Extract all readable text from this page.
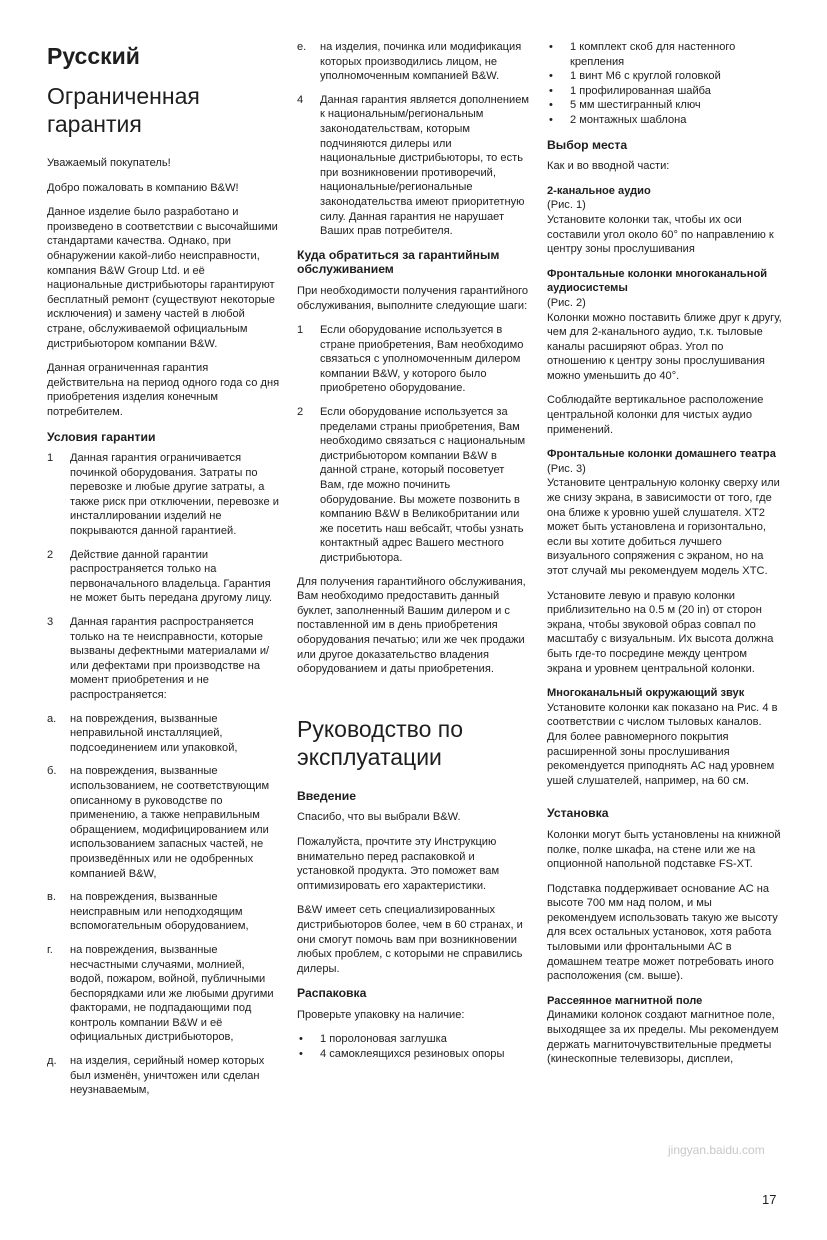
Русский
Ограниченная гарантия

Уважаемый покупатель!

Добро пожаловать в компанию B&W!

Данное изделие было разработано и произведено в соответствии с высочайшими стандартами качества. Однако, при обнаружении какой-либо неисправности, компания B&W Group Ltd. и её национальные дистрибьюторы гарантируют бесплатный ремонт (существуют некоторые исключения) и замену частей в любой стране, обслуживаемой официальным дистрибьютором компании B&W.

Данная ограниченная гарантия действительна на период одного года со дня приобретения изделия конечным потребителем.

Условия гарантии
1 Данная гарантия ограничивается починкой оборудования. Затраты по перевозке и любые другие затраты, а также риск при отключении, перевозке и инсталлировании изделий не покрываются данной гарантией.
2 Действие данной гарантии распространяется только на первоначального владельца. Гарантия не может быть передана другому лицу.
3 Данная гарантия распространяется только на те неисправности, которые вызваны дефектными материалами и/или дефектами при производстве на момент приобретения и не распространяется:
a. на повреждения, вызванные неправильной инсталляцией, подсоединением или упаковкой,
б. на повреждения, вызванные использованием, не соответствующим описанному в руководстве по применению, а также неправильным обращением, модифицированием или использованием запасных частей, не произведённых или не одобренных компанией B&W,
в. на повреждения, вызванные неисправным или неподходящим вспомогательным оборудованием,
г. на повреждения, вызванные несчастными случаями, молнией, водой, пожаром, войной, публичными беспорядками или же любыми другими факторами, не подпадающими под контроль компании B&W и её официальных дистрибьюторов,
д. на изделия, серийный номер которых был изменён, уничтожен или сделан неузнаваемым,
e. на изделия, починка или модификация которых производились лицом, не уполномоченным компанией B&W.
4 Данная гарантия является дополнением к национальным/региональным законодательствам, которым подчиняются дилеры или национальные дистрибьюторы, то есть при возникновении противоречий, национальные/региональные законодательства имеют приоритетную силу. Данная гарантия не нарушает Ваших прав потребителя.
Куда обратиться за гарантийным обслуживанием

При необходимости получения гарантийного обслуживания, выполните следующие шаги:

1 Если оборудование используется в стране приобретения, Вам необходимо связаться с уполномоченным дилером компании B&W, у которого было приобретено оборудование.
2 Если оборудование используется за пределами страны приобретения, Вам необходимо связаться с национальным дистрибьютором компании B&W в данной стране, который посоветует Вам, где можно починить оборудование. Вы можете позвонить в компанию B&W в Великобритании или же посетить наш вебсайт, чтобы узнать контактный адрес Вашего местного дистрибьютора.

Для получения гарантийного обслуживания, Вам необходимо предоставить данный буклет, заполненный Вашим дилером и с поставленной им в день приобретения оборудования печатью; или же чек продажи или другое доказательство владения оборудованием и даты приобретения.

Руководство по эксплуатации
Введение

Спасибо, что вы выбрали B&W.

Пожалуйста, прочтите эту Инструкцию внимательно перед распаковкой и установкой продукта. Это поможет вам оптимизировать его характеристики.

B&W имеет сеть специализированных дистрибьюторов более, чем в 60 странах, и они смогут помочь вам при возникновении любых проблем, с которыми не справились дилеры.

Распаковка

Проверьте упаковку на наличие:

• 1 поролоновая заглушка
• 4 самоклеящихся резиновых опоры
• 1 комплект скоб для настенного крепления
• 1 винт M6 с круглой головкой
• 1 профилированная шайба
• 5 мм шестигранный ключ
• 2 монтажных шаблона
Выбор места

Как и во вводной части:

2-канальное аудио
(Рис. 1)

Установите колонки так, чтобы их оси составили угол около 60° по направлению к центру зоны прослушивания

Фронтальные колонки многоканальной аудиосистемы
(Рис. 2)

Колонки можно поставить ближе друг к другу, чем для 2-канального аудио, т.к. тыловые каналы расширяют образ. Угол по отношению к центру зоны прослушивания можно уменьшить до 40°.

Соблюдайте вертикальное расположение центральной колонки для чистых аудио применений.

Фронтальные колонки домашнего театра
(Рис. 3)

Установите центральную колонку сверху или же снизу экрана, в зависимости от того, где она ближе к уровню ушей слушателя. XT2 может быть установлена и горизонтально, если вы хотите добиться лучшего визуального сопряжения с экраном, но на этот случай мы рекомендуем модель XTC.

Установите левую и правую колонки приблизительно на 0.5 м (20 in) от сторон экрана, чтобы звуковой образ совпал по масштабу с визуальным. Их высота должна быть где-то посредине между центром экрана и уровнем центральной колонки.

Многоканальный окружающий звук

Установите колонки как показано на Рис. 4 в соответствии с числом тыловых каналов. Для более равномерного покрытия расширенной зоны прослушивания рекомендуется приподнять АС над уровнем ушей слушателей, например, на 60 см.

Установка

Колонки могут быть установлены на книжной полке, полке шкафа, на стене или же на опционной напольной подставке FS-XT.

Подставка поддерживает основание АС на высоте 700 мм над полом, и мы рекомендуем использовать такую же высоту для всех остальных установок, хотя работа тыловыми или фронтальными АС в домашнем театре может потребовать иного расположения (см. выше).

Рассеянное магнитной поле

Динамики колонок создают магнитное поле, выходящее за их пределы. Мы рекомендуем держать магниточувствительные предметы (кинескопные телевизоры, дисплеи,

jingyan.baidu.com
17
